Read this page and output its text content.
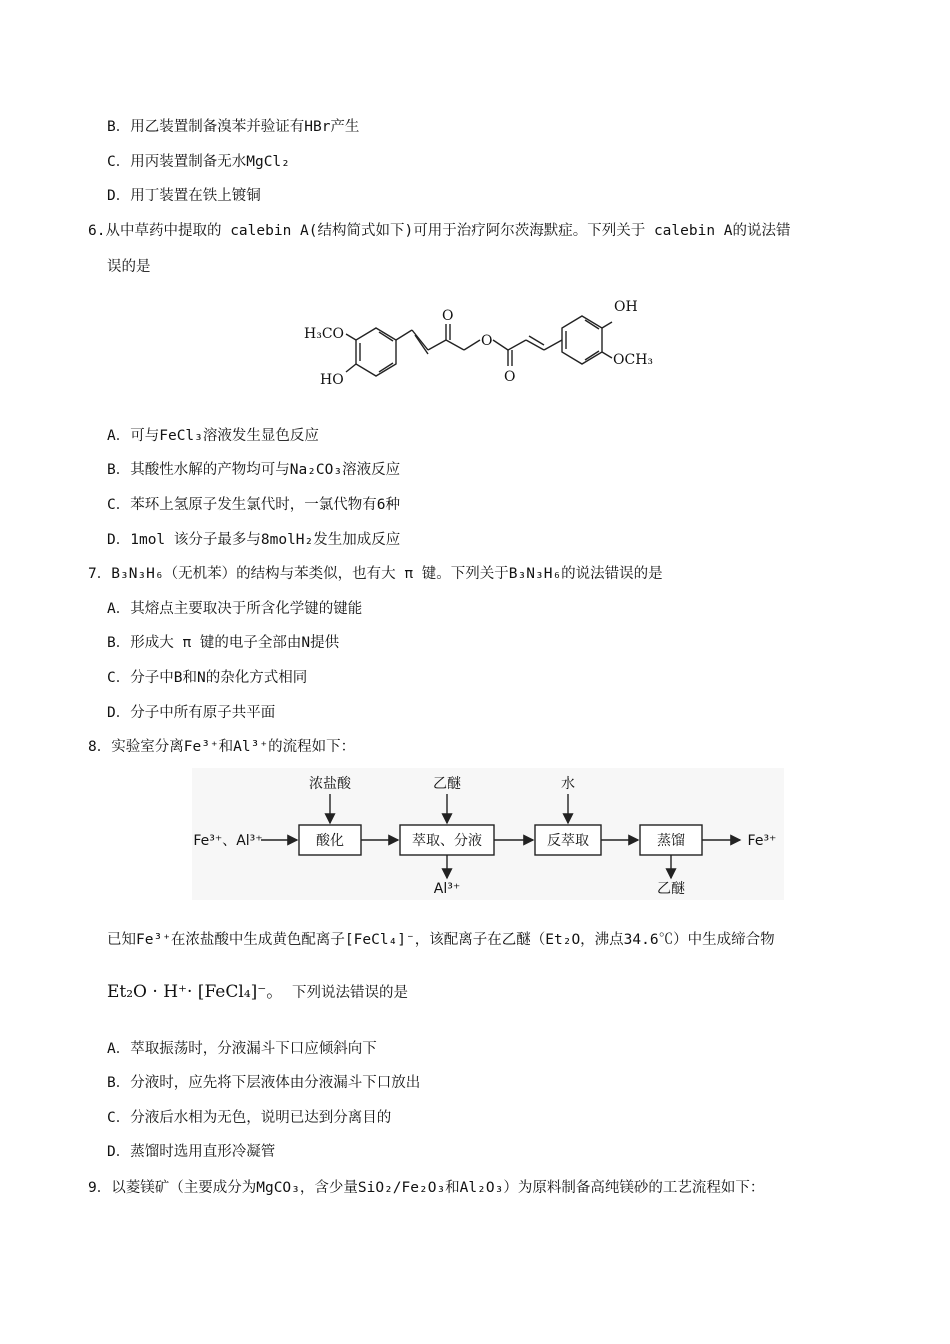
B．用乙装置制备溴苯并验证有HBr产生
C．用丙装置制备无水MgCl₂
D．用丁装置在铁上镀铜
6.从中草药中提取的 calebin A(结构简式如下)可用于治疗阿尔茨海默症。下列关于 calebin A的说法错
误的是
H₃CO
HO
O
O
O
OH
OCH₃
A．可与FeCl₃溶液发生显色反应
B．其酸性水解的产物均可与Na₂CO₃溶液反应
C．苯环上氢原子发生氯代时，一氯代物有6种
D．1mol 该分子最多与8molH₂发生加成反应
7．B₃N₃H₆（无机苯）的结构与苯类似，也有大 π 键。下列关于B₃N₃H₆的说法错误的是
A．其熔点主要取决于所含化学键的键能
B．形成大 π 键的电子全部由N提供
C．分子中B和N的杂化方式相同
D．分子中所有原子共平面
8．实验室分离Fe³⁺和Al³⁺的流程如下：
Fe³⁺、Al³⁺
浓盐酸
酸化
乙醚
萃取、分液
Al³⁺
水
反萃取	蒸馏
乙醚
Fe³⁺
已知Fe³⁺在浓盐酸中生成黄色配离子[FeCl₄]⁻，该配离子在乙醚（Et₂O，沸点34.6℃）中生成缔合物
Et₂O · H⁺· [FeCl₄]⁻。 下列说法错误的是
A．萃取振荡时，分液漏斗下口应倾斜向下
B．分液时，应先将下层液体由分液漏斗下口放出
C．分液后水相为无色，说明已达到分离目的
D．蒸馏时选用直形冷凝管
9．以菱镁矿（主要成分为MgCO₃，含少量SiO₂/Fe₂O₃和Al₂O₃）为原料制备高纯镁砂的工艺流程如下：
